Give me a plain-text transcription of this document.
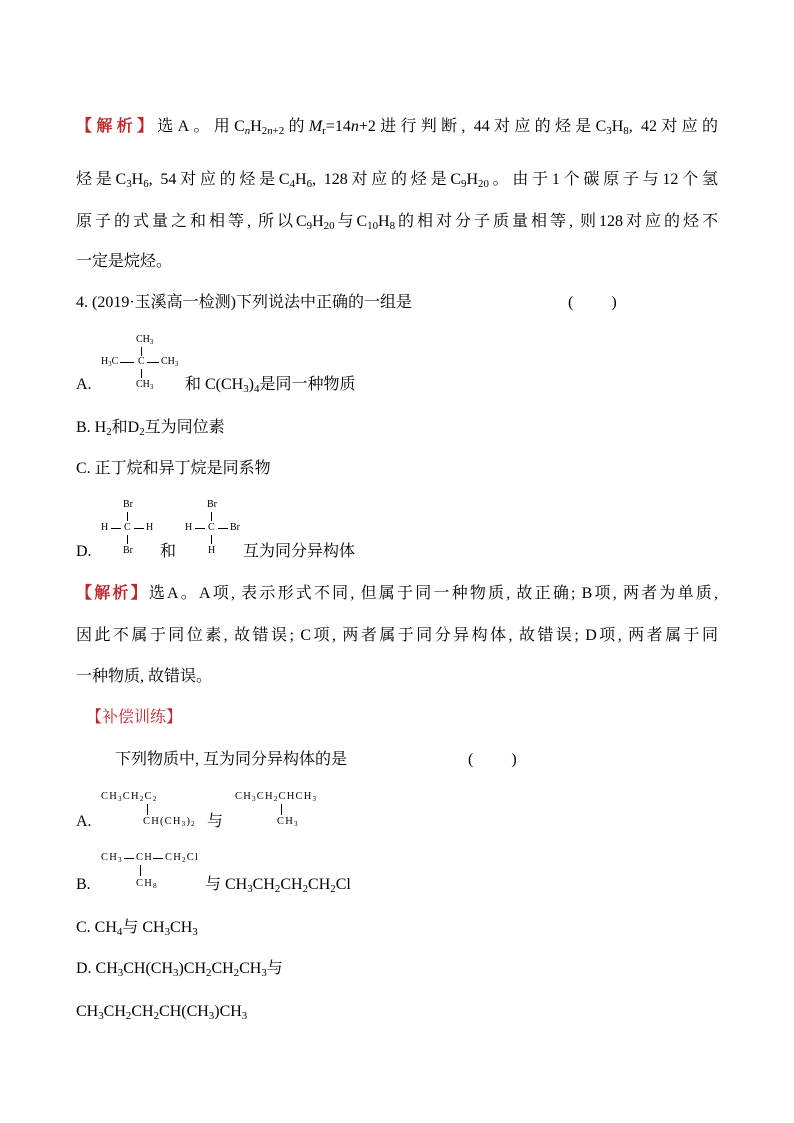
【解析】选A。用$C_nH_{2n+2}$的$M_r=14n+2$进行判断, 44对应的烃是$C_3H_8$, 42对应的
烃是$C_3H_6$, 54对应的烃是$C_4H_6$, 128对应的烃是$C_9H_{20}$。由于1个碳原子与12个氢
原子的式量之和相等, 所以$C_9H_{20}$与$C_{10}H_8$的相对分子质量相等, 则128对应的烃不
一定是烷烃。
4. (2019·玉溪高一检测)下列说法中正确的一组是	(      )
$CH_3$
$H_3C$ C $CH_3$
$CH_3$
A.	和 $C(CH_3)_4$是同一种物质
B. $H_2$和$D_2$互为同位素
C. 正丁烷和异丁烷是同系物
Br
H C H
Br
Br
H C Br
H
D.	和	互为同分异构体
【解析】选A。A项, 表示形式不同, 但属于同一种物质, 故正确; B项, 两者为单质,
因此不属于同位素, 故错误; C项, 两者属于同分异构体, 故错误; D项, 两者属于同
一种物质, 故错误。
【补偿训练】
下列物质中, 互为同分异构体的是	(      )
$CH_3CH_2C_2$
$CH(CH_3)_2$
$CH_3CH_2CHCH_3$
$CH_3$
A.	与
$CH_3$ CH $CH_2Cl$
$CH_8$
B.	与 $CH_3CH_2CH_2CH_2Cl$
C. $CH_4$与 $CH_3CH_3$
D. $CH_3CH(CH_3)CH_2CH_2CH_3$与
$CH_3CH_2CH_2CH(CH_3)CH_3$
